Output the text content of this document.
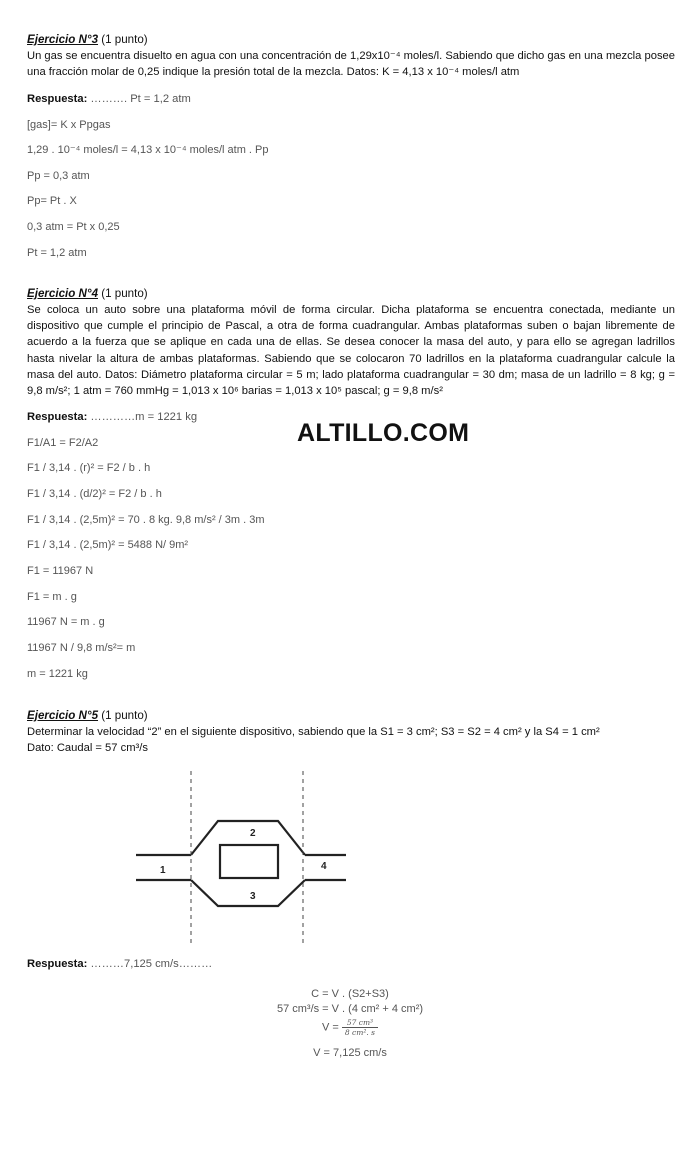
Ejercicio N°3 (1 punto)
Un gas se encuentra disuelto en agua con una concentración de 1,29x10⁻⁴ moles/l. Sabiendo que dicho gas en una mezcla posee una fracción molar de 0,25 indique la presión total de la mezcla. Datos: K = 4,13 x 10⁻⁴ moles/l atm
Respuesta: ………. Pt = 1,2 atm
[gas]= K x Ppgas
1,29 . 10⁻⁴ moles/l = 4,13 x 10⁻⁴ moles/l atm . Pp
Pp = 0,3 atm
Pp= Pt . X
0,3 atm = Pt x 0,25
Pt = 1,2 atm
Ejercicio N°4 (1 punto)
Se coloca un auto sobre una plataforma móvil de forma circular. Dicha plataforma se encuentra conectada, mediante un dispositivo que cumple el principio de Pascal, a otra de forma cuadrangular. Ambas plataformas suben o bajan libremente de acuerdo a la fuerza que se aplique en cada una de ellas. Se desea conocer la masa del auto, y para ello se agregan ladrillos hasta nivelar la altura de ambas plataformas. Sabiendo que se colocaron 70 ladrillos en la plataforma cuadrangular calcule la masa del auto. Datos: Diámetro plataforma circular = 5 m; lado plataforma cuadrangular = 30 dm; masa de un ladrillo = 8 kg; g = 9,8 m/s²; 1 atm = 760 mmHg = 1,013 x 10⁶ barias = 1,013 x 10⁵ pascal; g = 9,8 m/s²
Respuesta: …………m = 1221 kg
ALTILLO.COM
F1/A1 = F2/A2
F1 / 3,14 . (r)² = F2 / b . h
F1 / 3,14 . (d/2)² = F2 / b . h
F1 / 3,14 . (2,5m)² = 70 . 8 kg. 9,8 m/s² / 3m . 3m
F1 / 3,14 . (2,5m)² = 5488 N/ 9m²
F1 = 11967 N
F1 = m . g
11967 N = m . g
11967 N / 9,8 m/s²= m
m = 1221 kg
Ejercicio N°5 (1 punto)
Determinar la velocidad “2” en el siguiente dispositivo, sabiendo que la S1 = 3 cm²; S3 = S2 = 4 cm² y la S4 = 1 cm²
Dato: Caudal = 57 cm³/s
1
2
3
4
Respuesta: ………7,125 cm/s………
C = V . (S2+S3)
57 cm³/s = V . (4 cm² + 4 cm²)
$V = \frac{\text{57 cm³}}{\text{8 cm². s}}$
V = 7,125 cm/s
